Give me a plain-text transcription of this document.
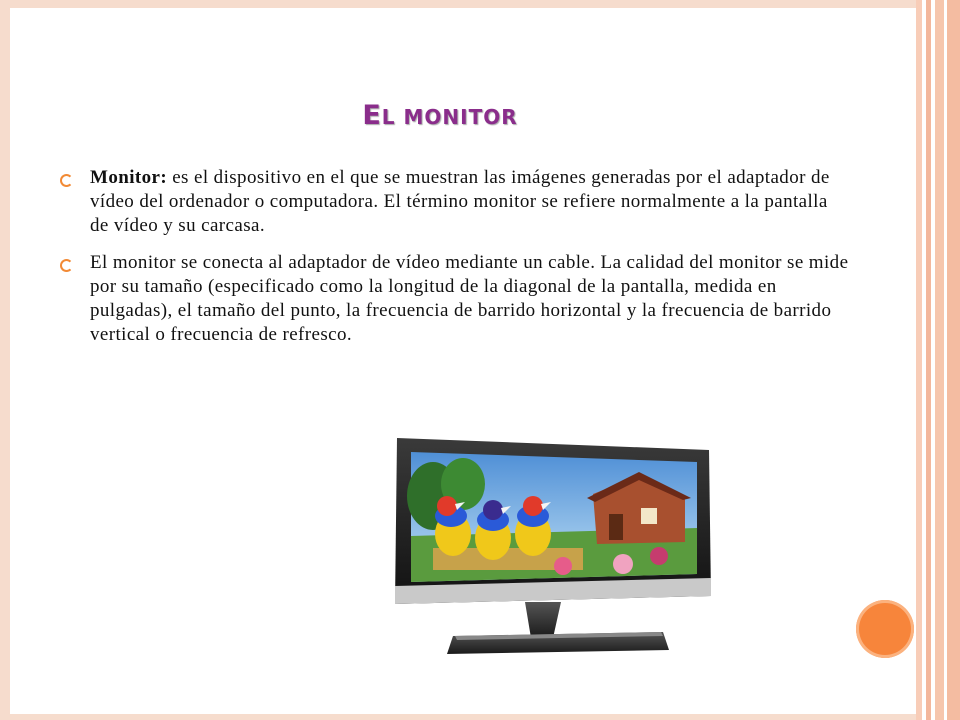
EL MONITOR
Monitor: es el dispositivo en el que se muestran las imágenes generadas por el adaptador de vídeo del ordenador o computadora. El término monitor se refiere normalmente a la pantalla de vídeo y su carcasa.
El monitor se conecta al adaptador de vídeo mediante un cable. La calidad del monitor se mide por su tamaño (especificado como la longitud de la diagonal de la pantalla, medida en pulgadas), el tamaño del punto, la frecuencia de barrido horizontal y la frecuencia de barrido vertical o frecuencia de refresco.
